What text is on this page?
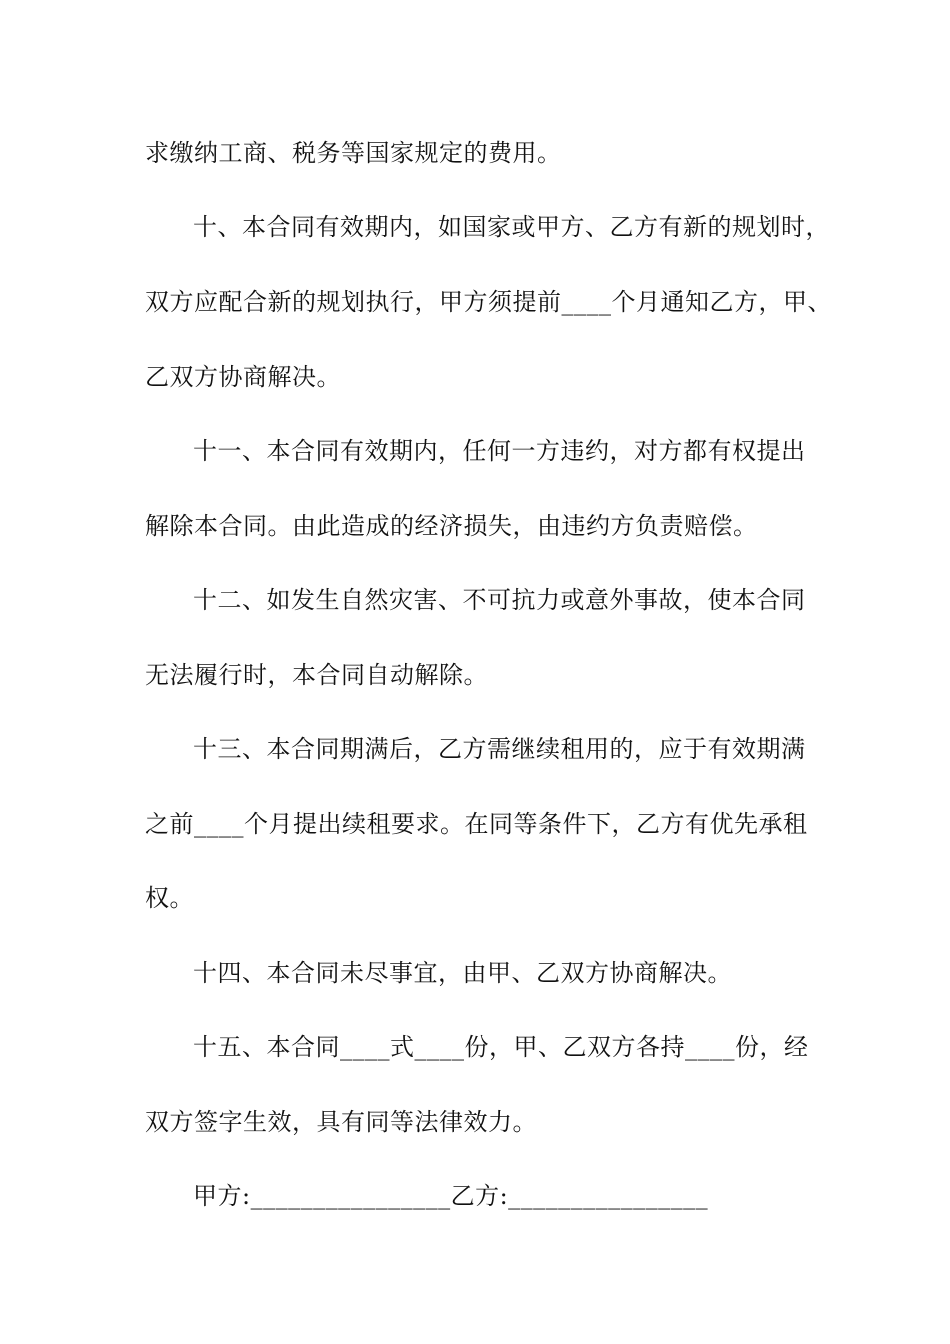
求缴纳工商、税务等国家规定的费用。
十、本合同有效期内，如国家或甲方、乙方有新的规划时，
双方应配合新的规划执行，甲方须提前____个月通知乙方，甲、
乙双方协商解决。
十一、本合同有效期内，任何一方违约，对方都有权提出
解除本合同。由此造成的经济损失，由违约方负责赔偿。
十二、如发生自然灾害、不可抗力或意外事故，使本合同
无法履行时，本合同自动解除。
十三、本合同期满后，乙方需继续租用的，应于有效期满
之前____个月提出续租要求。在同等条件下，乙方有优先承租
权。
十四、本合同未尽事宜，由甲、乙双方协商解决。
十五、本合同____式____份，甲、乙双方各持____份，经
双方签字生效，具有同等法律效力。
甲方:________________乙方:________________
